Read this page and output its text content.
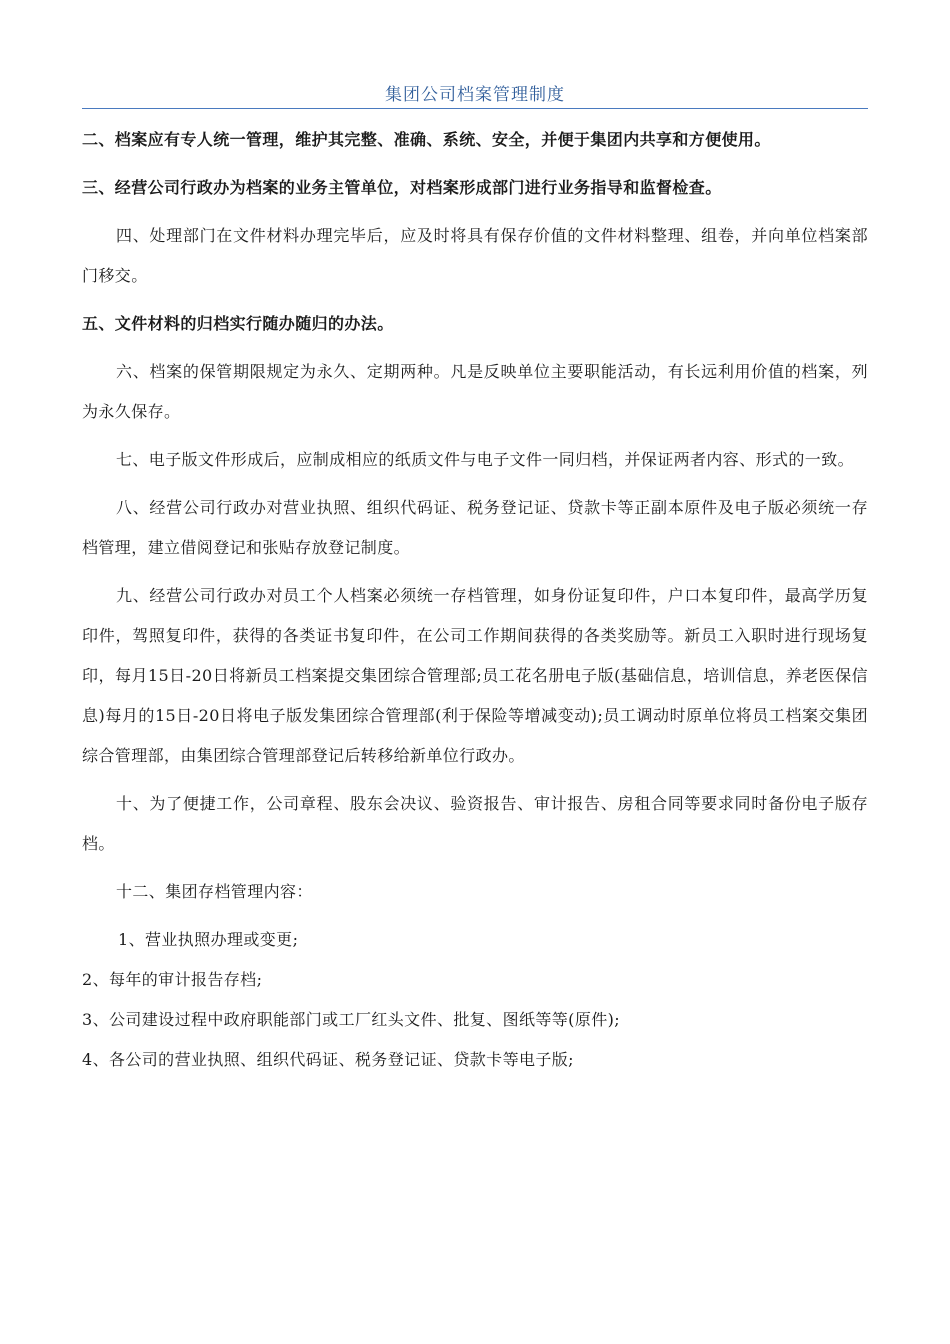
集团公司档案管理制度

二、档案应有专人统一管理，维护其完整、准确、系统、安全，并便于集团内共享和方便使用。

三、经营公司行政办为档案的业务主管单位，对档案形成部门进行业务指导和监督检查。

四、处理部门在文件材料办理完毕后，应及时将具有保存价值的文件材料整理、组卷，并向单位档案部门移交。

五、文件材料的归档实行随办随归的办法。

六、档案的保管期限规定为永久、定期两种。凡是反映单位主要职能活动，有长远利用价值的档案，列为永久保存。

七、电子版文件形成后，应制成相应的纸质文件与电子文件一同归档，并保证两者内容、形式的一致。

八、经营公司行政办对营业执照、组织代码证、税务登记证、贷款卡等正副本原件及电子版必须统一存档管理，建立借阅登记和张贴存放登记制度。

九、经营公司行政办对员工个人档案必须统一存档管理，如身份证复印件，户口本复印件，最高学历复印件，驾照复印件，获得的各类证书复印件，在公司工作期间获得的各类奖励等。新员工入职时进行现场复印，每月15日-20日将新员工档案提交集团综合管理部;员工花名册电子版(基础信息，培训信息，养老医保信息)每月的15日-20日将电子版发集团综合管理部(利于保险等增减变动);员工调动时原单位将员工档案交集团综合管理部，由集团综合管理部登记后转移给新单位行政办。

十、为了便捷工作，公司章程、股东会决议、验资报告、审计报告、房租合同等要求同时备份电子版存档。

十二、集团存档管理内容：

1、营业执照办理或变更;

2、每年的审计报告存档;

3、公司建设过程中政府职能部门或工厂红头文件、批复、图纸等等(原件);

4、各公司的营业执照、组织代码证、税务登记证、贷款卡等电子版;
